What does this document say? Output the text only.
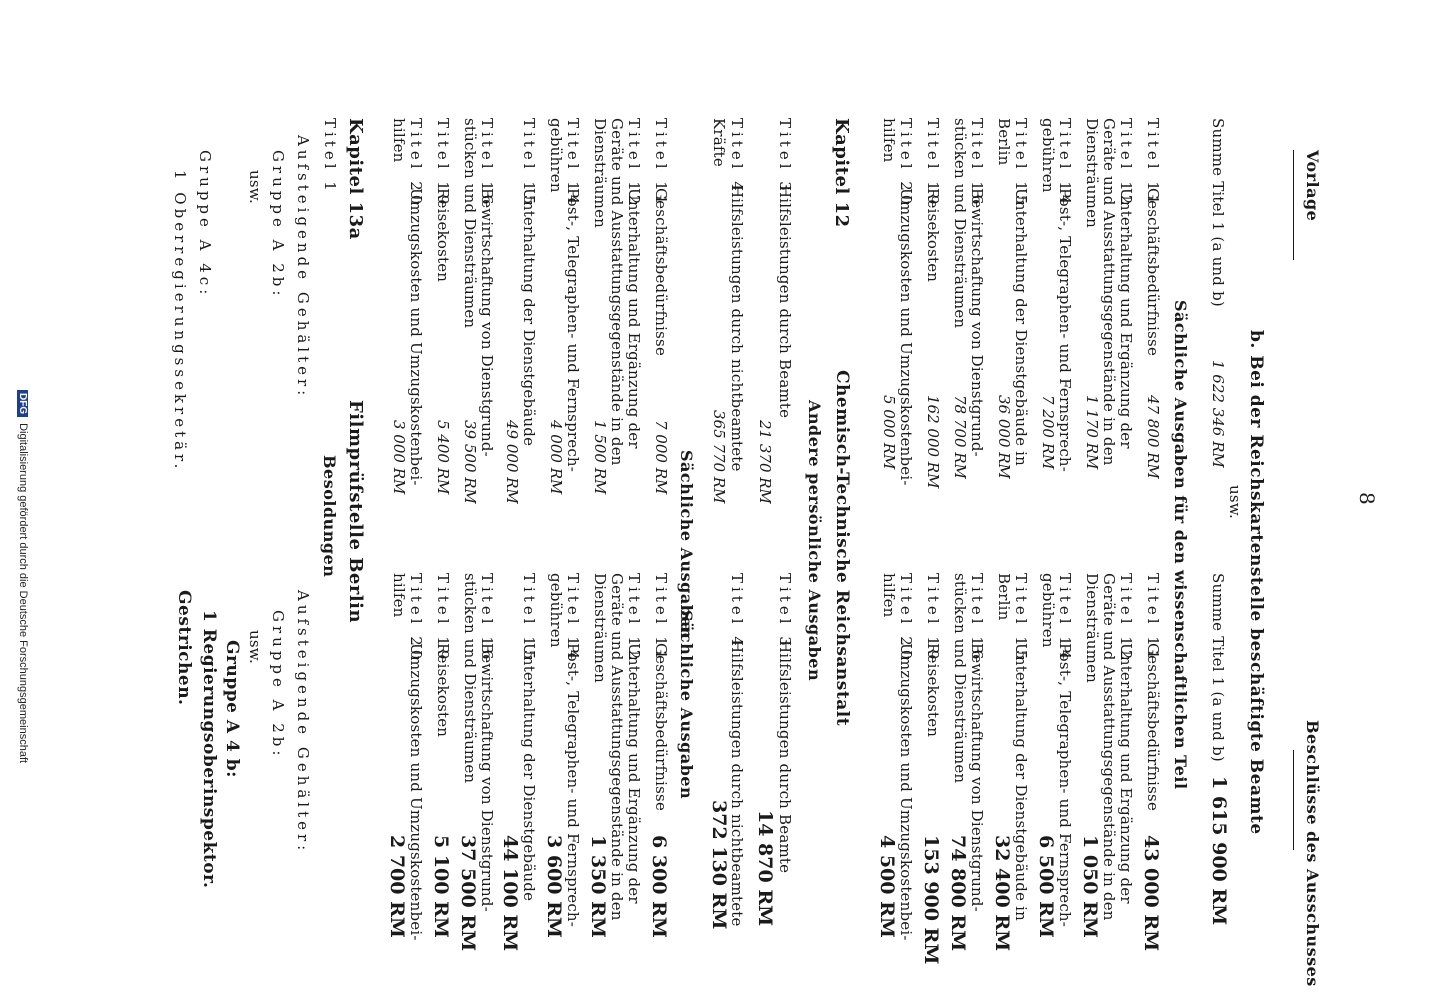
8
Vorlage
Beschlüsse des Ausschusses
b. Bei der Reichskartenstelle beschäftigte Beamte
usw.
Summe Titel 1 (a und b)
1 622 346 RM
Summe Titel 1 (a und b)
1 615 900 RM
Sächliche Ausgaben für den
wissenschaftlichen Teil
Titel 11
Geschäftsbedürfnisse
47 800 RM
Titel 12
Unterhaltung und Ergänzung der
Geräte und Ausstattungsgegenstände in den
Diensträumen
1 170 RM
Titel 14
Post-, Telegraphen- und Fernsprech-
gebühren
7 200 RM
Titel 15
Unterhaltung der Dienstgebäude in
Berlin
36 000 RM
Titel 16
Bewirtschaftung von Dienstgrund-
stücken und Diensträumen
78 700 RM
Titel 19
Reisekosten
162 000 RM
Titel 20
Umzugskosten und Umzugskostenbei-
hilfen
5 000 RM
Titel 11
Geschäftsbedürfnisse
43 000 RM
Titel 12
Unterhaltung und Ergänzung der
Geräte und Ausstattungsgegenstände in den
Diensträumen
1 050 RM
Titel 14
Post-, Telegraphen- und Fernsprech-
gebühren
6 500 RM
Titel 15
Unterhaltung der Dienstgebäude in
Berlin
32 400 RM
Titel 16
Bewirtschaftung von Dienstgrund-
stücken und Diensträumen
74 800 RM
Titel 19
Reisekosten
153 900 RM
Titel 20
Umzugskosten und Umzugskostenbei-
hilfen
4 500 RM
Kapitel 12
Chemisch-Technische Reichsanstalt
Andere persönliche Ausgaben
Titel 3
Hilfsleistungen durch Beamte
21 370 RM
Titel 3
Hilfsleistungen durch Beamte
14 870 RM
Titel 4
Hilfsleistungen durch nichtbeamtete
Kräfte
365 770 RM
Titel 4
Hilfsleistungen durch nichtbeamtete
372 130 RM
Sächliche Ausgaben
Sächliche Ausgaben
Titel 11
Geschäftsbedürfnisse
7 000 RM
Titel 12
Unterhaltung und Ergänzung der
Geräte und Ausstattungsgegenstände in den
Diensträumen
1 500 RM
Titel 14
Post-, Telegraphen- und Fernsprech-
gebühren
4 000 RM
Titel 15
Unterhaltung der Dienstgebäude
49 000 RM
Titel 16
Bewirtschaftung von Dienstgrund-
stücken und Diensträumen
39 500 RM
Titel 19
Reisekosten
5 400 RM
Titel 20
Umzugskosten und Umzugskostenbei-
hilfen
3 000 RM
Titel 11
Geschäftsbedürfnisse
6 300 RM
Titel 12
Unterhaltung und Ergänzung der
Geräte und Ausstattungsgegenstände in den
Diensträumen
1 350 RM
Titel 14
Post-, Telegraphen- und Fernsprech-
gebühren
3 600 RM
Titel 15
Unterhaltung der Dienstgebäude
44 100 RM
Titel 16
Bewirtschaftung von Dienstgrund-
stücken und Diensträumen
37 500 RM
Titel 19
Reisekosten
5 100 RM
Titel 20
Umzugskosten und Umzugskostenbei-
hilfen
2 700 RM
Kapitel 13a
Titel 1
Filmprüfstelle Berlin
Besoldungen
Aufsteigende Gehälter:
Gruppe A 2b:
usw.
Aufsteigende Gehälter:
Gruppe A 2b:
usw.
Gruppe A 4 b:
1 Regierungsoberinspektor.
Gruppe A 4c:
1 Oberregierungssekretär.
Gestrichen.
DFGDigitalisierung gefördert durch die Deutsche Forschungsgemeinschaft
